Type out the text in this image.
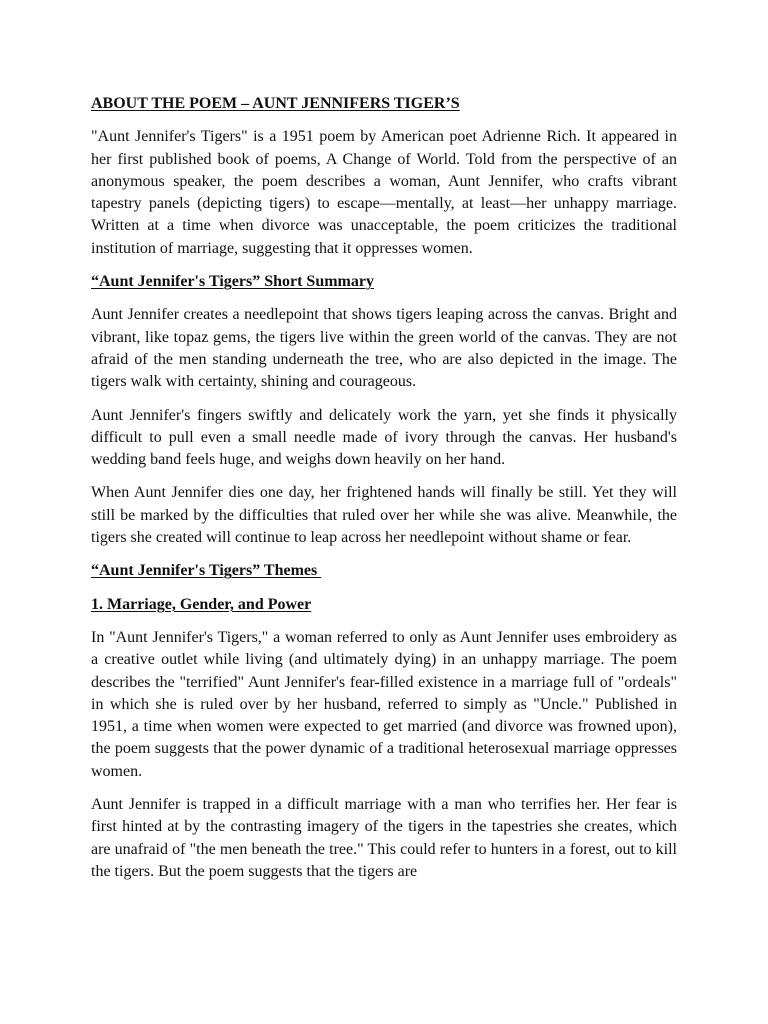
ABOUT THE POEM – AUNT JENNIFERS TIGER’S
"Aunt Jennifer's Tigers" is a 1951 poem by American poet Adrienne Rich. It appeared in her first published book of poems, A Change of World. Told from the perspective of an anonymous speaker, the poem describes a woman, Aunt Jennifer, who crafts vibrant tapestry panels (depicting tigers) to escape—mentally, at least—her unhappy marriage. Written at a time when divorce was unacceptable, the poem criticizes the traditional institution of marriage, suggesting that it oppresses women.
“Aunt Jennifer's Tigers” Short Summary
Aunt Jennifer creates a needlepoint that shows tigers leaping across the canvas. Bright and vibrant, like topaz gems, the tigers live within the green world of the canvas. They are not afraid of the men standing underneath the tree, who are also depicted in the image. The tigers walk with certainty, shining and courageous.
Aunt Jennifer's fingers swiftly and delicately work the yarn, yet she finds it physically difficult to pull even a small needle made of ivory through the canvas. Her husband's wedding band feels huge, and weighs down heavily on her hand.
When Aunt Jennifer dies one day, her frightened hands will finally be still. Yet they will still be marked by the difficulties that ruled over her while she was alive. Meanwhile, the tigers she created will continue to leap across her needlepoint without shame or fear.
“Aunt Jennifer's Tigers” Themes
1. Marriage, Gender, and Power
In "Aunt Jennifer's Tigers," a woman referred to only as Aunt Jennifer uses embroidery as a creative outlet while living (and ultimately dying) in an unhappy marriage. The poem describes the "terrified" Aunt Jennifer's fear-filled existence in a marriage full of "ordeals" in which she is ruled over by her husband, referred to simply as "Uncle." Published in 1951, a time when women were expected to get married (and divorce was frowned upon), the poem suggests that the power dynamic of a traditional heterosexual marriage oppresses women.
Aunt Jennifer is trapped in a difficult marriage with a man who terrifies her. Her fear is first hinted at by the contrasting imagery of the tigers in the tapestries she creates, which are unafraid of "the men beneath the tree." This could refer to hunters in a forest, out to kill the tigers. But the poem suggests that the tigers are
